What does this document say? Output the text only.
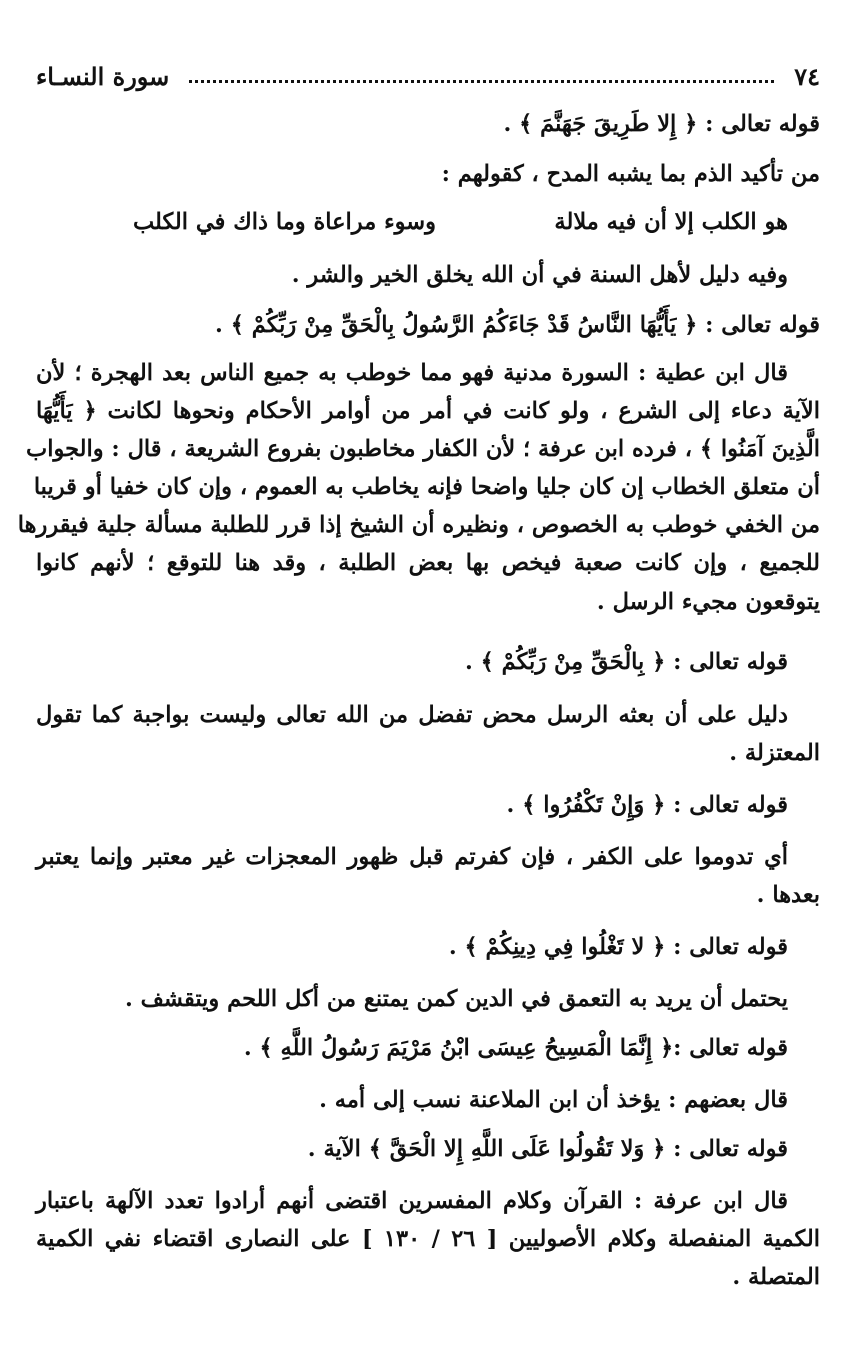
٧٤
سورة النسـاء
قوله تعالى : ﴿ إِلا طَرِيقَ جَهَنَّمَ ﴾ .
من تأكيد الذم بما يشبه المدح ، كقولهم :
هو الكلب إلا أن فيه ملالة
وسوء مراعاة وما ذاك في الكلب
وفيه دليل لأهل السنة في أن الله يخلق الخير والشر .
قوله تعالى : ﴿ يَأَيُّهَا النَّاسُ قَدْ جَاءَكُمُ الرَّسُولُ بِالْحَقِّ مِنْ رَبِّكُمْ ﴾ .
قال ابن عطية : السورة مدنية فهو مما خوطب به جميع الناس بعد الهجرة ؛ لأن
الآية دعاء إلى الشرع ، ولو كانت في أمر من أوامر الأحكام ونحوها لكانت ﴿ يَأَيُّهَا
الَّذِينَ آمَنُوا ﴾ ، فرده ابن عرفة ؛ لأن الكفار مخاطبون بفروع الشريعة ، قال : والجواب
أن متعلق الخطاب إن كان جليا واضحا فإنه يخاطب به العموم ، وإن كان خفيا أو قريبا
من الخفي خوطب به الخصوص ، ونظيره أن الشيخ إذا قرر للطلبة مسألة جلية فيقررها
للجميع ، وإن كانت صعبة فيخص بها بعض الطلبة ، وقد هنا للتوقع ؛ لأنهم كانوا
يتوقعون مجيء الرسل .
قوله تعالى : ﴿ بِالْحَقِّ مِنْ رَبِّكُمْ ﴾ .
دليل على أن بعثه الرسل محض تفضل من الله تعالى وليست بواجبة كما تقول
المعتزلة .
قوله تعالى : ﴿ وَإِنْ تَكْفُرُوا ﴾ .
أي تدوموا على الكفر ، فإن كفرتم قبل ظهور المعجزات غير معتبر وإنما يعتبر
بعدها .
قوله تعالى : ﴿ لا تَغْلُوا فِي دِينِكُمْ ﴾ .
يحتمل أن يريد به التعمق في الدين كمن يمتنع من أكل اللحم ويتقشف .
قوله تعالى :﴿ إِنَّمَا الْمَسِيحُ عِيسَى ابْنُ مَرْيَمَ رَسُولُ اللَّهِ ﴾ .
قال بعضهم : يؤخذ أن ابن الملاعنة نسب إلى أمه .
قوله تعالى : ﴿ وَلا تَقُولُوا عَلَى اللَّهِ إِلا الْحَقَّ ﴾ الآية .
قال ابن عرفة : القرآن وكلام المفسرين اقتضى أنهم أرادوا تعدد الآلهة باعتبار
الكمية المنفصلة وكلام الأصوليين [ ٢٦ / ١٣٠ ] على النصارى اقتضاء نفي الكمية
المتصلة .
